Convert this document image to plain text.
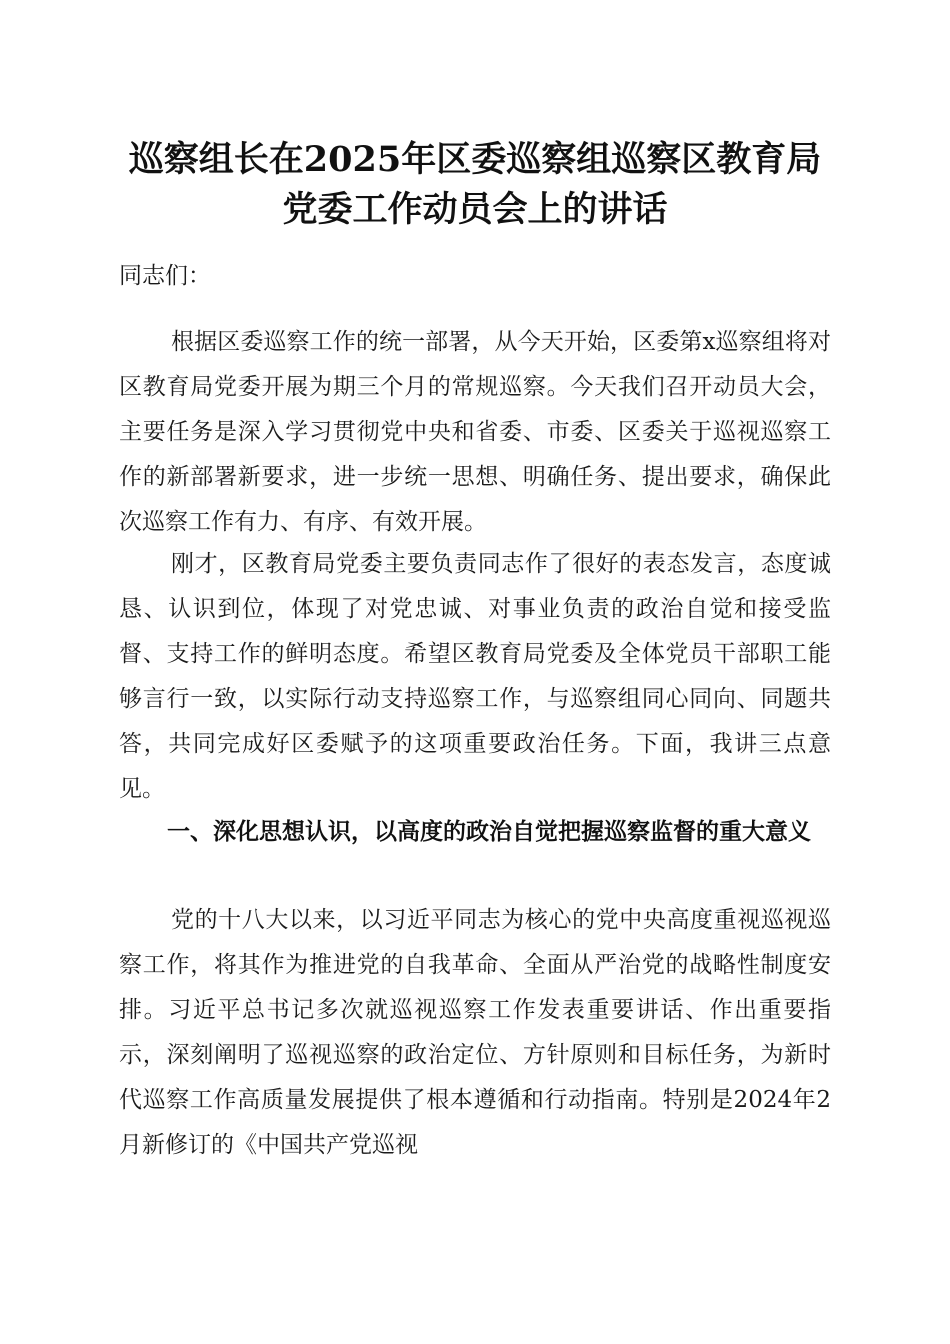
巡察组长在2025年区委巡察组巡察区教育局
党委工作动员会上的讲话

同志们：

根据区委巡察工作的统一部署，从今天开始，区委第x巡察组将对区教育局党委开展为期三个月的常规巡察。今天我们召开动员大会，主要任务是深入学习贯彻党中央和省委、市委、区委关于巡视巡察工作的新部署新要求，进一步统一思想、明确任务、提出要求，确保此次巡察工作有力、有序、有效开展。

刚才，区教育局党委主要负责同志作了很好的表态发言，态度诚恳、认识到位，体现了对党忠诚、对事业负责的政治自觉和接受监督、支持工作的鲜明态度。希望区教育局党委及全体党员干部职工能够言行一致，以实际行动支持巡察工作，与巡察组同心同向、同题共答，共同完成好区委赋予的这项重要政治任务。下面，我讲三点意见。

一、深化思想认识，以高度的政治自觉把握巡察监督的重大意义

党的十八大以来，以习近平同志为核心的党中央高度重视巡视巡察工作，将其作为推进党的自我革命、全面从严治党的战略性制度安排。习近平总书记多次就巡视巡察工作发表重要讲话、作出重要指示，深刻阐明了巡视巡察的政治定位、方针原则和目标任务，为新时代巡察工作高质量发展提供了根本遵循和行动指南。特别是2024年2月新修订的《中国共产党巡视
